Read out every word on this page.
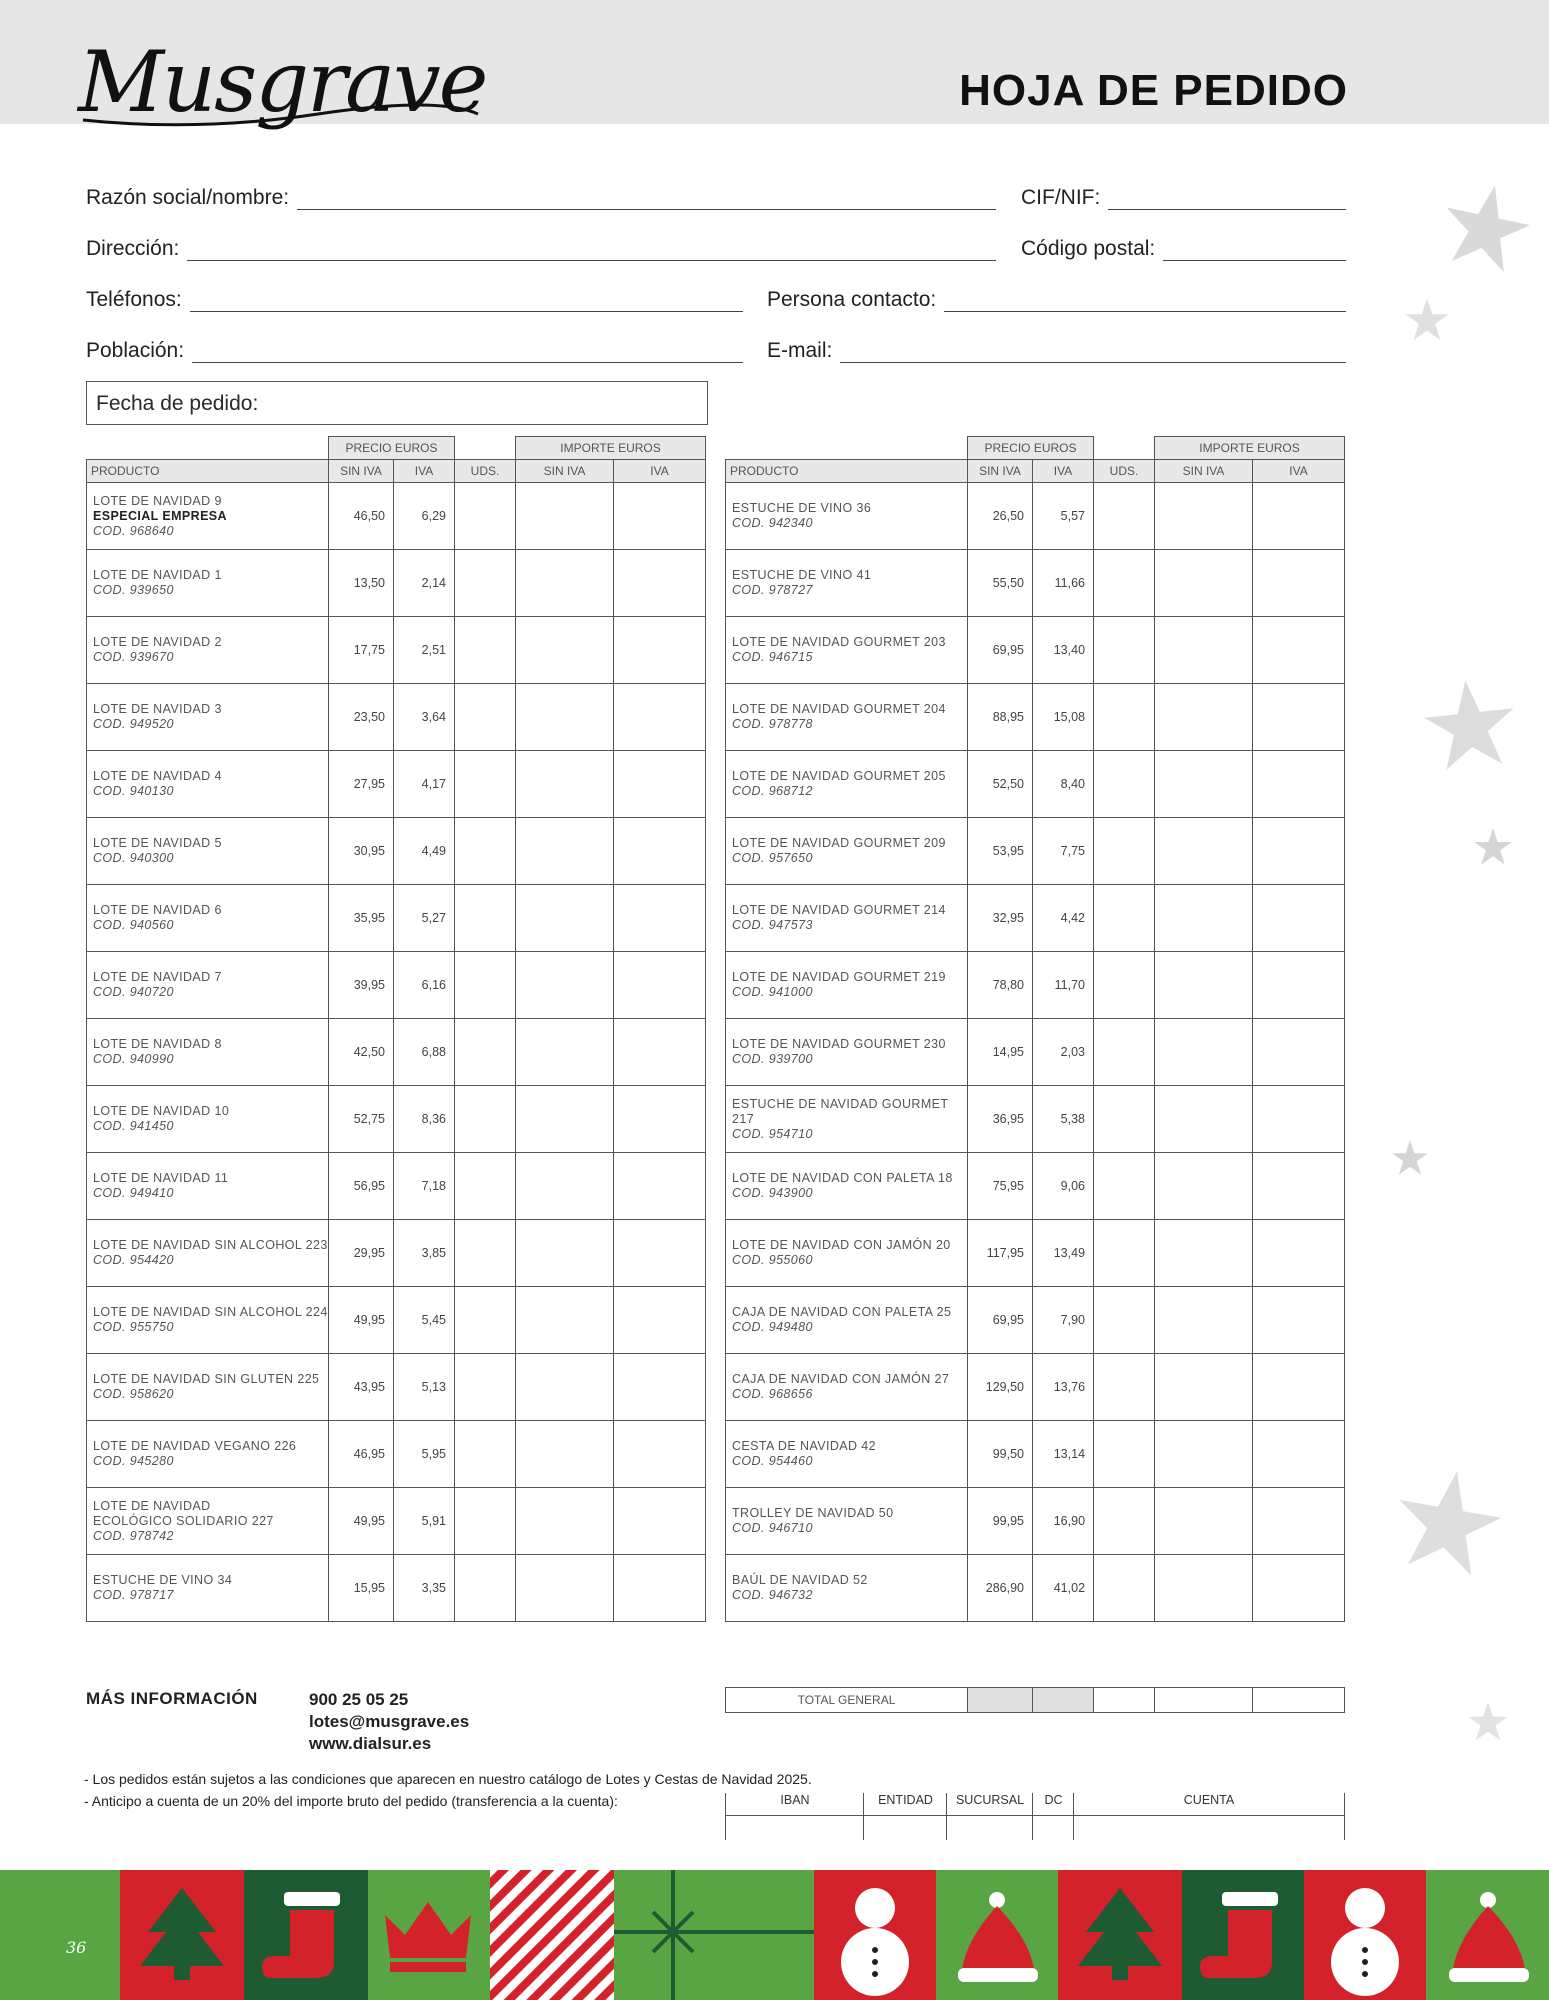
Musgrave	HOJA DE PEDIDO
Razón social/nombre:	CIF/NIF:
Dirección:	Código postal:
Teléfonos:	Persona contacto:
Población:	E-mail:
Fecha de pedido:
	PRECIO EUROS			IMPORTE EUROS	
PRODUCTO	SIN IVA	IVA	UDS.	SIN IVA	IVA

LOTE DE NAVIDAD 9
ESPECIAL EMPRESA
COD. 968640	46,50	6,29			

LOTE DE NAVIDAD 1
COD. 939650	13,50	2,14			

LOTE DE NAVIDAD 2
COD. 939670	17,75	2,51			

LOTE DE NAVIDAD 3
COD. 949520	23,50	3,64			

LOTE DE NAVIDAD 4
COD. 940130	27,95	4,17			

LOTE DE NAVIDAD 5
COD. 940300	30,95	4,49			

LOTE DE NAVIDAD 6
COD. 940560	35,95	5,27			

LOTE DE NAVIDAD 7
COD. 940720	39,95	6,16			

LOTE DE NAVIDAD 8
COD. 940990	42,50	6,88			

LOTE DE NAVIDAD 10
COD. 941450	52,75	8,36			

LOTE DE NAVIDAD 11
COD. 949410	56,95	7,18			

LOTE DE NAVIDAD SIN ALCOHOL 223
COD. 954420	29,95	3,85			

LOTE DE NAVIDAD SIN ALCOHOL 224
COD. 955750	49,95	5,45			

LOTE DE NAVIDAD SIN GLUTEN 225
COD. 958620	43,95	5,13			

LOTE DE NAVIDAD VEGANO 226
COD. 945280	46,95	5,95			

LOTE DE NAVIDAD
ECOLÓGICO SOLIDARIO 227
COD. 978742	49,95	5,91			

ESTUCHE DE VINO 34
COD. 978717	15,95	3,35			
	PRECIO EUROS			IMPORTE EUROS	
PRODUCTO	SIN IVA	IVA	UDS.	SIN IVA	IVA

ESTUCHE DE VINO 36
COD. 942340	26,50	5,57			

ESTUCHE DE VINO 41
COD. 978727	55,50	11,66			

LOTE DE NAVIDAD GOURMET 203
COD. 946715	69,95	13,40			

LOTE DE NAVIDAD GOURMET 204
COD. 978778	88,95	15,08			

LOTE DE NAVIDAD GOURMET 205
COD. 968712	52,50	8,40			

LOTE DE NAVIDAD GOURMET 209
COD. 957650	53,95	7,75			

LOTE DE NAVIDAD GOURMET 214
COD. 947573	32,95	4,42			

LOTE DE NAVIDAD GOURMET 219
COD. 941000	78,80	11,70			

LOTE DE NAVIDAD GOURMET 230
COD. 939700	14,95	2,03			

ESTUCHE DE NAVIDAD GOURMET 217
COD. 954710	36,95	5,38			

LOTE DE NAVIDAD CON PALETA 18
COD. 943900	75,95	9,06			

LOTE DE NAVIDAD CON JAMÓN 20
COD. 955060	117,95	13,49			

CAJA DE NAVIDAD CON PALETA 25
COD. 949480	69,95	7,90			

CAJA DE NAVIDAD CON JAMÓN 27
COD. 968656	129,50	13,76			

CESTA DE NAVIDAD 42
COD. 954460	99,50	13,14			

TROLLEY DE NAVIDAD 50
COD. 946710	99,95	16,90			

BAÚL DE NAVIDAD 52
COD. 946732	286,90	41,02			
TOTAL GENERAL					
MÁS INFORMACIÓN	900 25 05 25
lotes@musgrave.es
www.dialsur.es
- Los pedidos están sujetos a las condiciones que aparecen en nuestro catálogo de Lotes y Cestas de Navidad 2025.
- Anticipo a cuenta de un 20% del importe bruto del pedido (transferencia a la cuenta):	IBAN	ENTIDAD	SUCURSAL	DC	CUENTA
36
